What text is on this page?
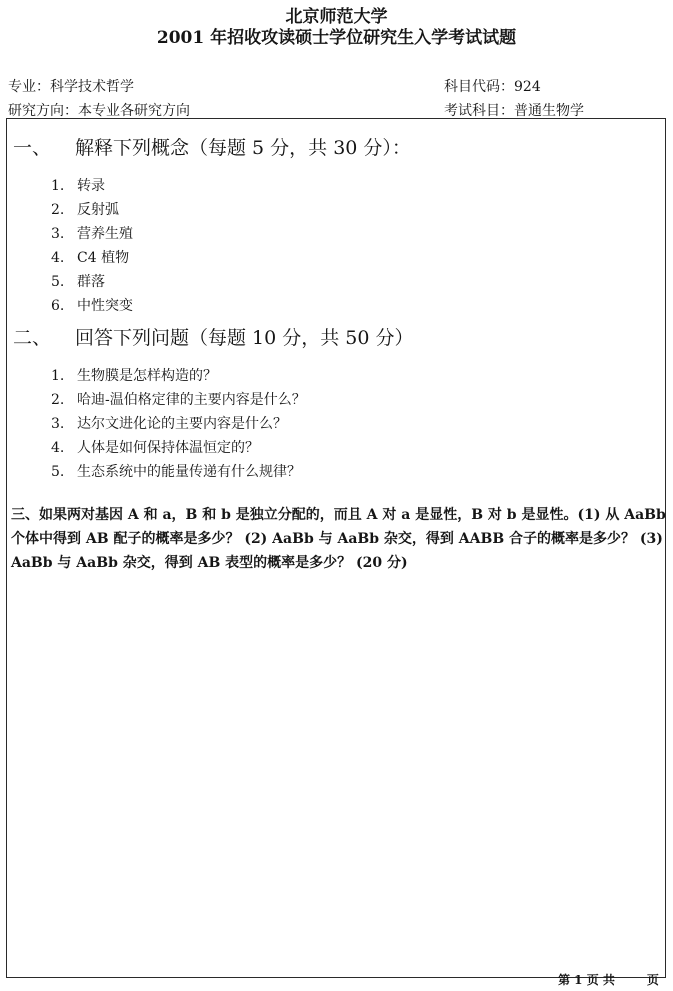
北京师范大学
2001 年招收攻读硕士学位研究生入学考试试题
专业：科学技术哲学
研究方向：本专业各研究方向
科目代码：924
考试科目：普通生物学
一、 解释下列概念（每题 5 分，共 30 分）：
1. 转录
2. 反射弧
3. 营养生殖
4. C4 植物
5. 群落
6. 中性突变
二、 回答下列问题（每题 10 分，共 50 分）
1. 生物膜是怎样构造的？
2. 哈迪-温伯格定律的主要内容是什么？
3. 达尔文进化论的主要内容是什么？
4. 人体是如何保持体温恒定的？
5. 生态系统中的能量传递有什么规律？
三、如果两对基因 A 和 a，B 和 b 是独立分配的，而且 A 对 a 是显性，B 对 b 是显性。(1) 从 AaBb 个体中得到 AB 配子的概率是多少？ (2) AaBb 与 AaBb 杂交，得到 AABB 合子的概率是多少？ (3) AaBb 与 AaBb 杂交，得到 AB 表型的概率是多少？ (20 分)
第 1 页 共	页
